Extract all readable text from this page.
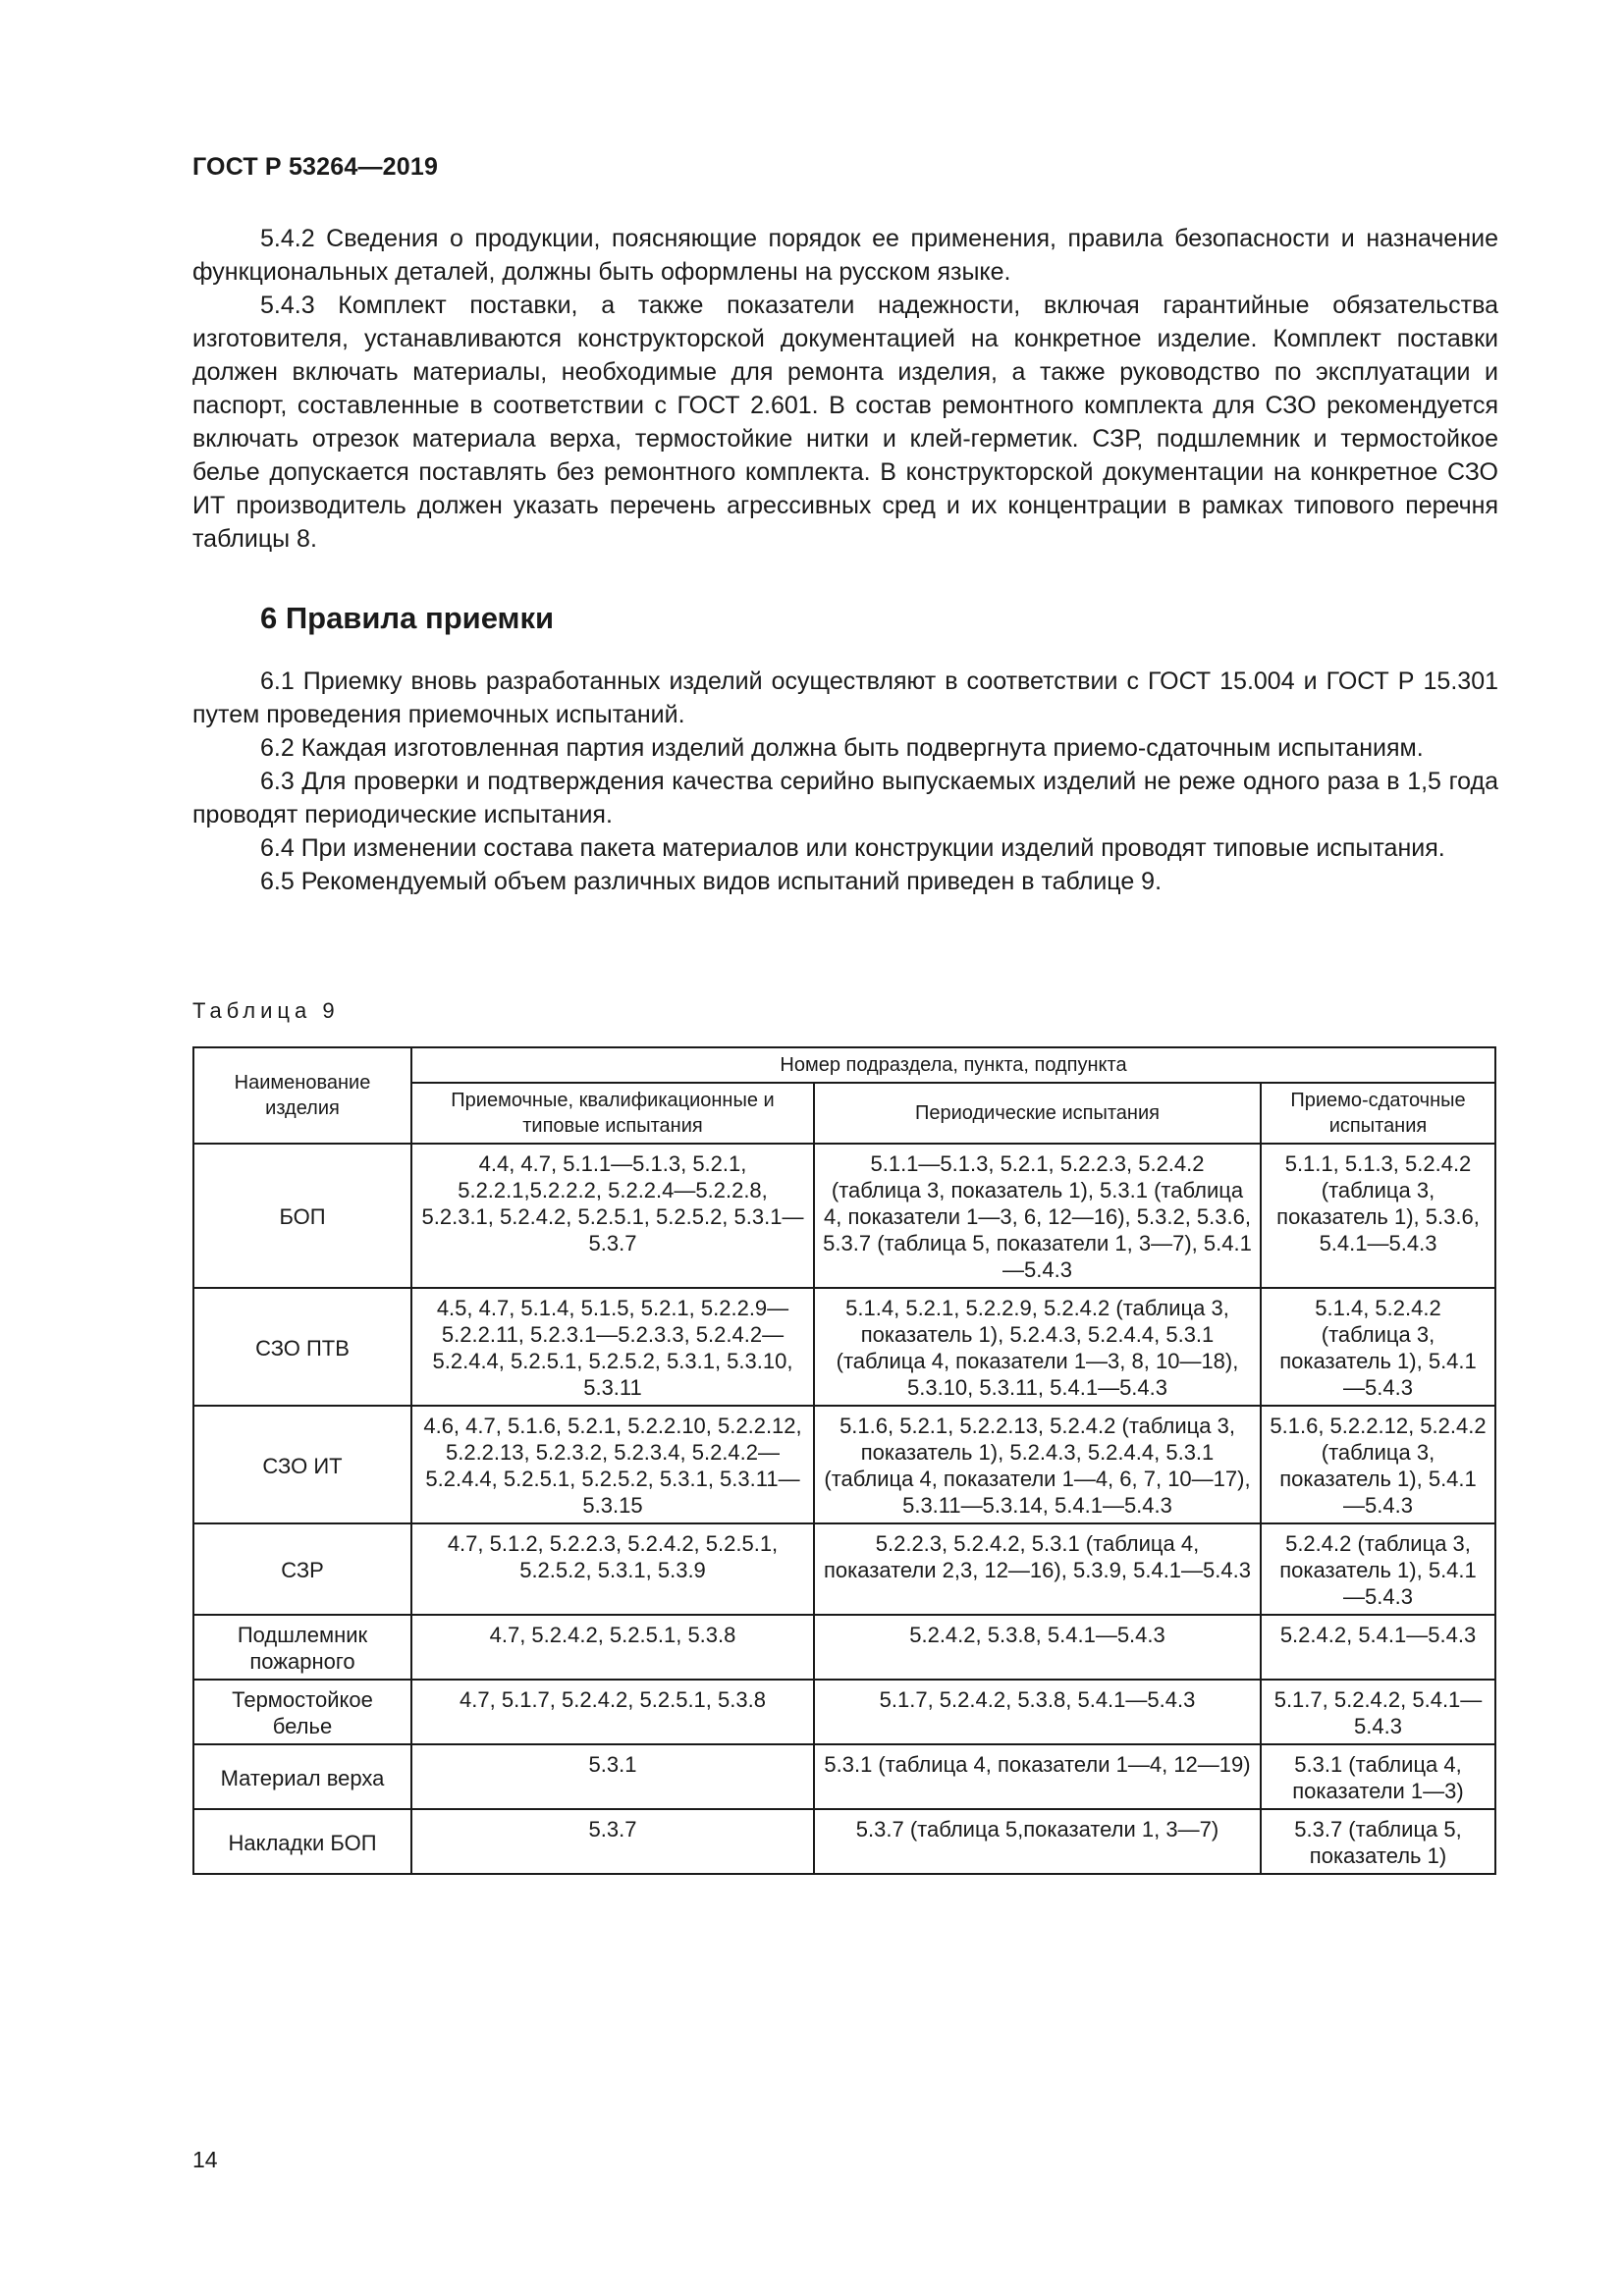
ГОСТ Р 53264—2019

5.4.2 Сведения о продукции, поясняющие порядок ее применения, правила безопасности и назначение функциональных деталей, должны быть оформлены на русском языке.

5.4.3 Комплект поставки, а также показатели надежности, включая гарантийные обязательства изготовителя, устанавливаются конструкторской документацией на конкретное изделие. Комплект поставки должен включать материалы, необходимые для ремонта изделия, а также руководство по эксплуатации и паспорт, составленные в соответствии с ГОСТ 2.601. В состав ремонтного комплекта для СЗО рекомендуется включать отрезок материала верха, термостойкие нитки и клей-герметик. СЗР, подшлемник и термостойкое белье допускается поставлять без ремонтного комплекта. В конструкторской документации на конкретное СЗО ИТ производитель должен указать перечень агрессивных сред и их концентрации в рамках типового перечня таблицы 8.

6 Правила приемки

6.1 Приемку вновь разработанных изделий осуществляют в соответствии с ГОСТ 15.004 и ГОСТ Р 15.301 путем проведения приемочных испытаний.

6.2 Каждая изготовленная партия изделий должна быть подвергнута приемо-сдаточным испытаниям.

6.3 Для проверки и подтверждения качества серийно выпускаемых изделий не реже одного раза в 1,5 года проводят периодические испытания.

6.4 При изменении состава пакета материалов или конструкции изделий проводят типовые испытания.

6.5 Рекомендуемый объем различных видов испытаний приведен в таблице 9.

Таблица 9

Наименование изделия	Номер подраздела, пункта, подпункта		
	Приемочные, квалификационные и типовые испытания	Периодические испытания	Приемо-сдаточные испытания
БОП	4.4, 4.7, 5.1.1—5.1.3, 5.2.1, 5.2.2.1,5.2.2.2, 5.2.2.4—5.2.2.8, 5.2.3.1, 5.2.4.2, 5.2.5.1, 5.2.5.2, 5.3.1—5.3.7	5.1.1—5.1.3, 5.2.1, 5.2.2.3, 5.2.4.2 (таблица 3, показатель 1), 5.3.1 (таблица 4, показатели 1—3, 6, 12—16), 5.3.2, 5.3.6, 5.3.7 (таблица 5, показатели 1, 3—7), 5.4.1—5.4.3	5.1.1, 5.1.3, 5.2.4.2 (таблица 3, показатель 1), 5.3.6, 5.4.1—5.4.3
СЗО ПТВ	4.5, 4.7, 5.1.4, 5.1.5, 5.2.1, 5.2.2.9—5.2.2.11, 5.2.3.1—5.2.3.3, 5.2.4.2—5.2.4.4, 5.2.5.1, 5.2.5.2, 5.3.1, 5.3.10, 5.3.11	5.1.4, 5.2.1, 5.2.2.9, 5.2.4.2 (таблица 3, показатель 1), 5.2.4.3, 5.2.4.4, 5.3.1 (таблица 4, показатели 1—3, 8, 10—18), 5.3.10, 5.3.11, 5.4.1—5.4.3	5.1.4, 5.2.4.2 (таблица 3, показатель 1), 5.4.1—5.4.3
СЗО ИТ	4.6, 4.7, 5.1.6, 5.2.1, 5.2.2.10, 5.2.2.12, 5.2.2.13, 5.2.3.2, 5.2.3.4, 5.2.4.2—5.2.4.4, 5.2.5.1, 5.2.5.2, 5.3.1, 5.3.11—5.3.15	5.1.6, 5.2.1, 5.2.2.13, 5.2.4.2 (таблица 3, показатель 1), 5.2.4.3, 5.2.4.4, 5.3.1 (таблица 4, показатели 1—4, 6, 7, 10—17), 5.3.11—5.3.14, 5.4.1—5.4.3	5.1.6, 5.2.2.12, 5.2.4.2 (таблица 3, показатель 1), 5.4.1—5.4.3
СЗР	4.7, 5.1.2, 5.2.2.3, 5.2.4.2, 5.2.5.1, 5.2.5.2, 5.3.1, 5.3.9	5.2.2.3, 5.2.4.2, 5.3.1 (таблица 4, показатели 2,3, 12—16), 5.3.9, 5.4.1—5.4.3	5.2.4.2 (таблица 3, показатель 1), 5.4.1—5.4.3
Подшлемник пожарного	4.7, 5.2.4.2, 5.2.5.1, 5.3.8	5.2.4.2, 5.3.8, 5.4.1—5.4.3	5.2.4.2, 5.4.1—5.4.3
Термостойкое белье	4.7, 5.1.7, 5.2.4.2, 5.2.5.1, 5.3.8	5.1.7, 5.2.4.2, 5.3.8, 5.4.1—5.4.3	5.1.7, 5.2.4.2, 5.4.1—5.4.3
Материал верха	5.3.1	5.3.1 (таблица 4, показатели 1—4, 12—19)	5.3.1 (таблица 4, показатели 1—3)
Накладки БОП	5.3.7	5.3.7 (таблица 5,показатели 1, 3—7)	5.3.7 (таблица 5, показатель 1)

14
